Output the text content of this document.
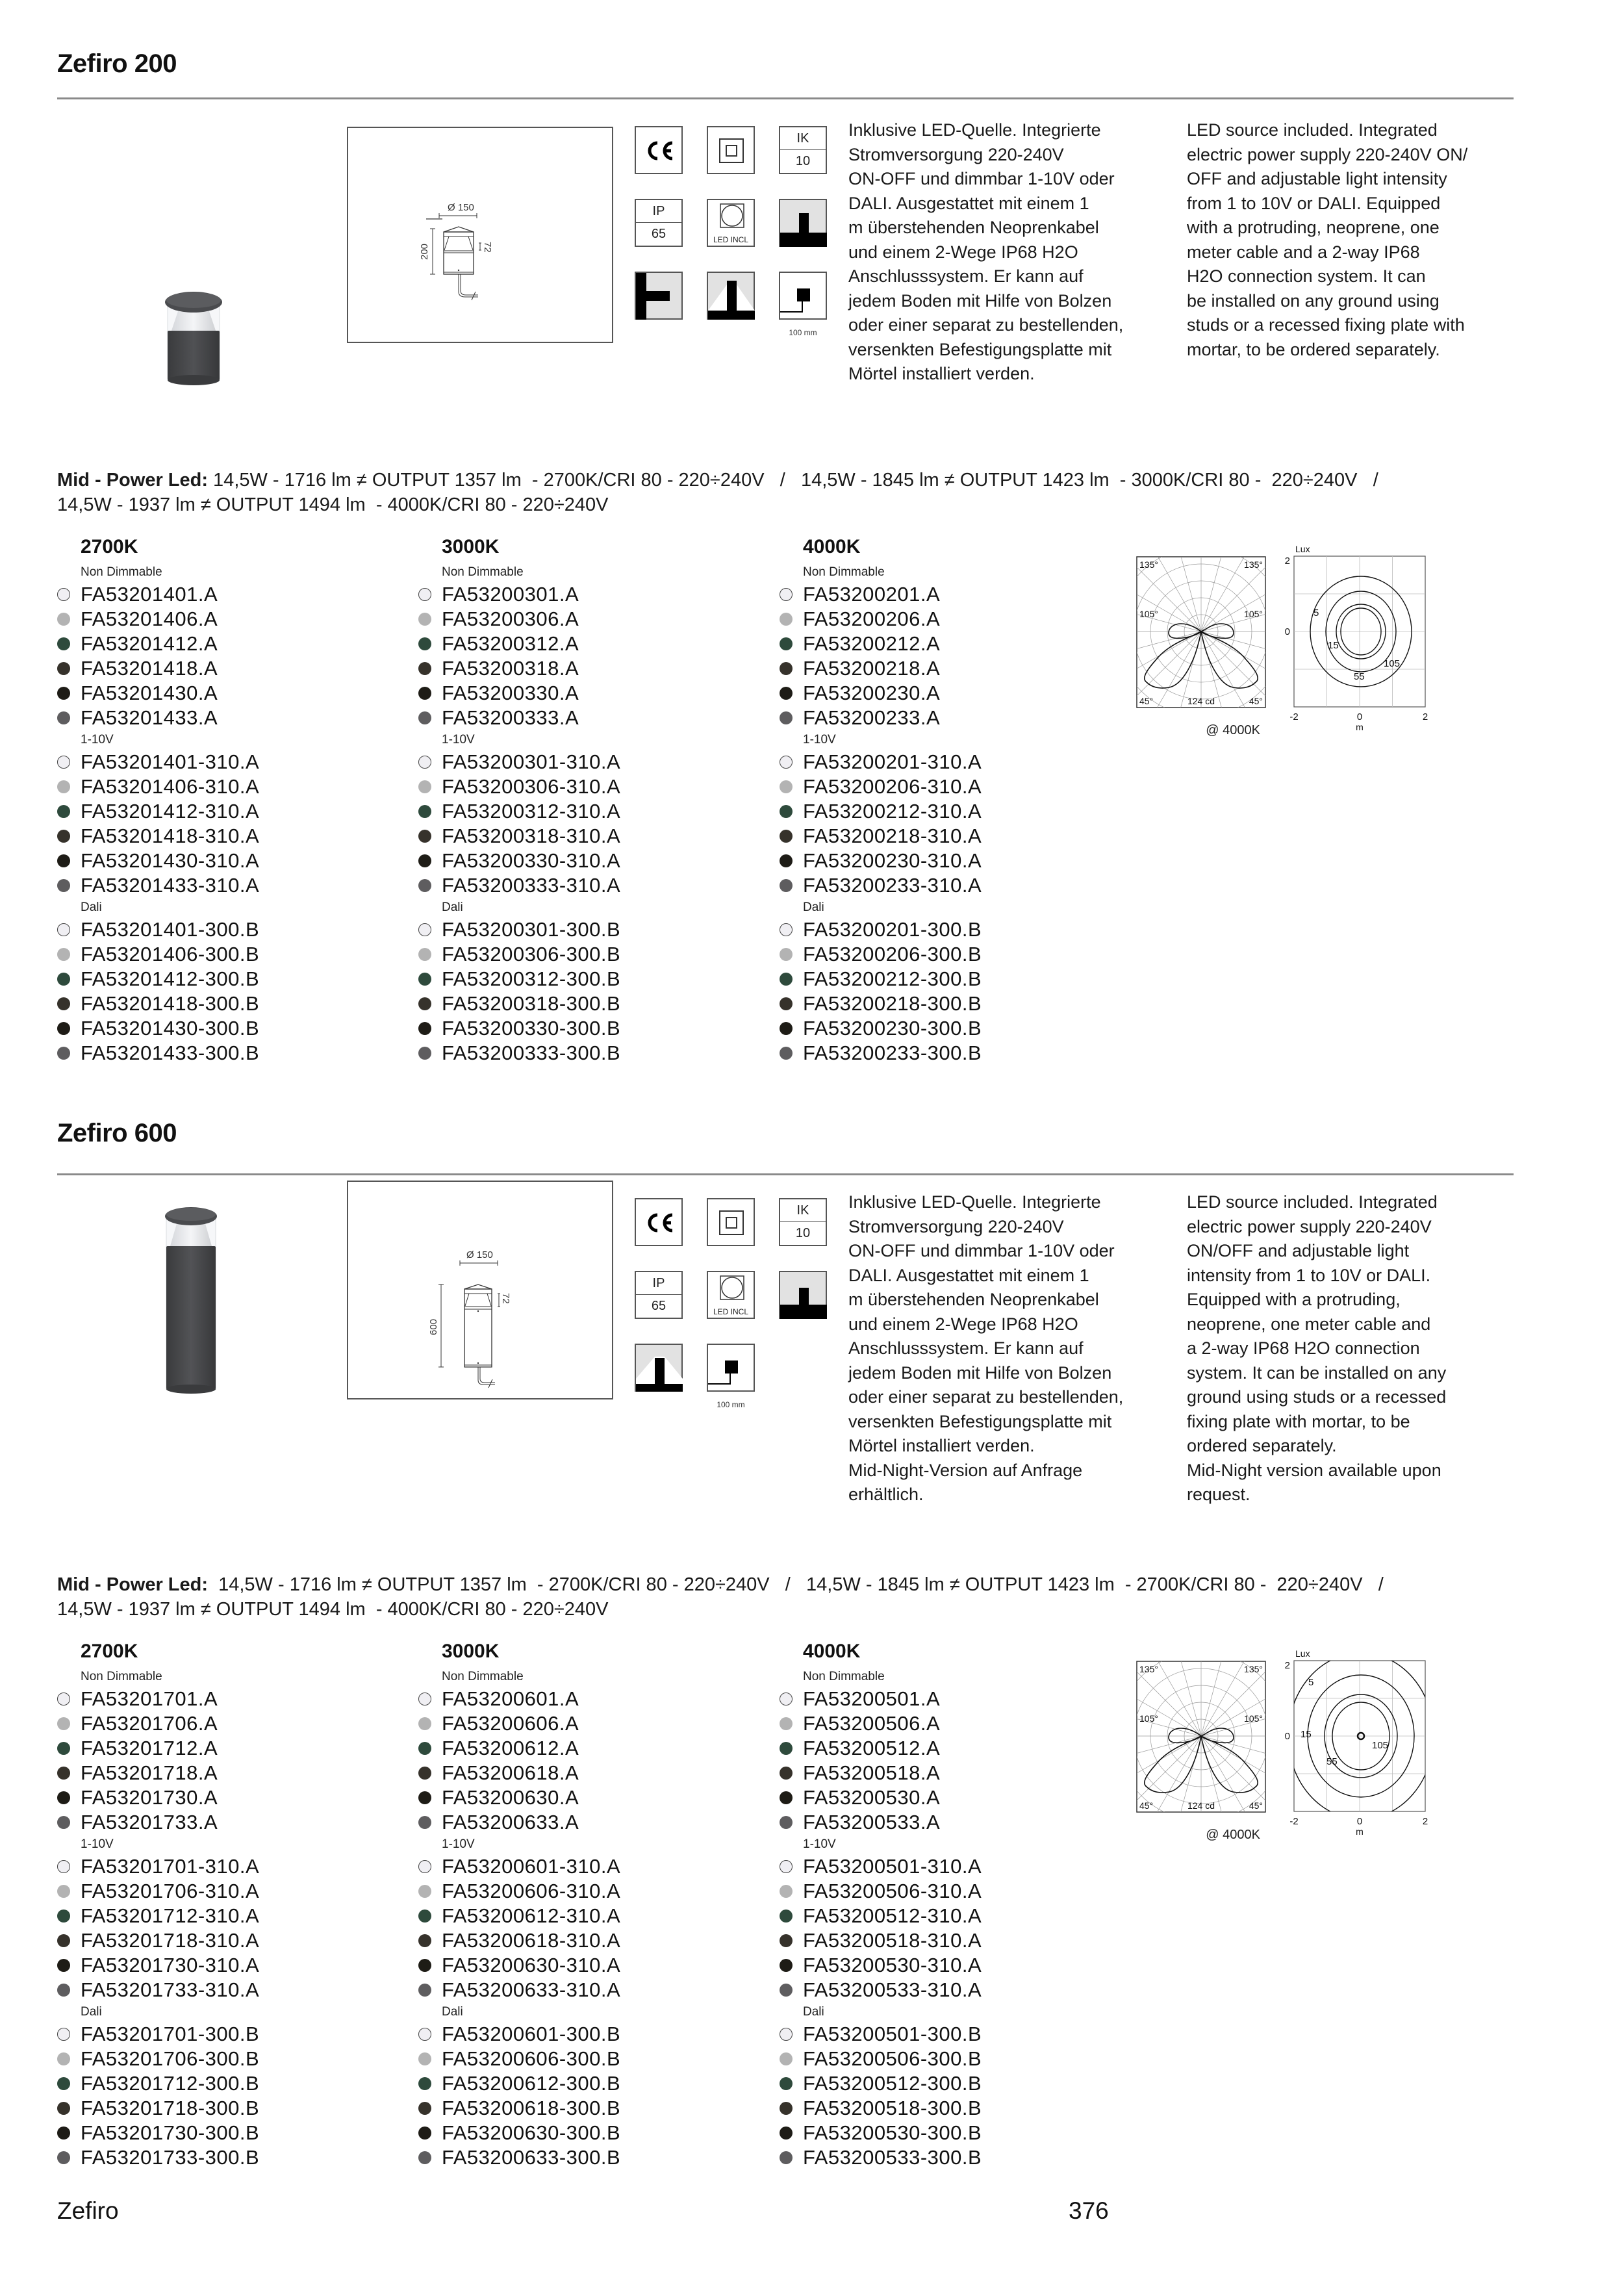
Zefiro 200
Ø 150
200	72
IK
10
IP
65	LED INCL
100 mm
Inklusive LED-Quelle. Integrierte
Stromversorgung 220-240V
ON-OFF und dimmbar 1-10V oder
DALI. Ausgestattet mit einem 1
m überstehenden Neoprenkabel
und einem 2-Wege IP68 H2O
Anschlusssystem. Er kann auf
jedem Boden mit Hilfe von Bolzen
oder einer separat zu bestellenden,
versenkten Befestigungsplatte mit
Mörtel installiert verden.
LED source included. Integrated
electric power supply 220-240V ON/
OFF and adjustable light intensity
from 1 to 10V or DALI. Equipped
with a protruding, neoprene, one
meter cable and a 2-way IP68
H2O connection system. It can
be installed on any ground using
studs or a recessed fixing plate with
mortar, to be ordered separately.
Mid - Power Led: 14,5W - 1716 lm ≠ OUTPUT 1357 lm  - 2700K/CRI 80 - 220÷240V   /   14,5W - 1845 lm ≠ OUTPUT 1423 lm  - 3000K/CRI 80 -  220÷240V   /
14,5W - 1937 lm ≠ OUTPUT 1494 lm  - 4000K/CRI 80 - 220÷240V
2700K
Non Dimmable
FA53201401.A
FA53201406.A
FA53201412.A
FA53201418.A
FA53201430.A
FA53201433.A
1-10V
FA53201401-310.A
FA53201406-310.A
FA53201412-310.A
FA53201418-310.A
FA53201430-310.A
FA53201433-310.A
Dali
FA53201401-300.B
FA53201406-300.B
FA53201412-300.B
FA53201418-300.B
FA53201430-300.B
FA53201433-300.B
3000K
Non Dimmable
FA53200301.A
FA53200306.A
FA53200312.A
FA53200318.A
FA53200330.A
FA53200333.A
1-10V
FA53200301-310.A
FA53200306-310.A
FA53200312-310.A
FA53200318-310.A
FA53200330-310.A
FA53200333-310.A
Dali
FA53200301-300.B
FA53200306-300.B
FA53200312-300.B
FA53200318-300.B
FA53200330-300.B
FA53200333-300.B
4000K
Non Dimmable
FA53200201.A
FA53200206.A
FA53200212.A
FA53200218.A
FA53200230.A
FA53200233.A
1-10V
FA53200201-310.A
FA53200206-310.A
FA53200212-310.A
FA53200218-310.A
FA53200230-310.A
FA53200233-310.A
Dali
FA53200201-300.B
FA53200206-300.B
FA53200212-300.B
FA53200218-300.B
FA53200230-300.B
FA53200233-300.B
135°	135°
105°	105°
45°	45°
124 cd
@ 4000K
5
15
55
105
Lux
2
0
-2	0	2
m
Zefiro 600
Ø 150
600
72
IK
10
IP
65	LED INCL
100 mm
Inklusive LED-Quelle. Integrierte
Stromversorgung 220-240V
ON-OFF und dimmbar 1-10V oder
DALI. Ausgestattet mit einem 1
m überstehenden Neoprenkabel
und einem 2-Wege IP68 H2O
Anschlusssystem. Er kann auf
jedem Boden mit Hilfe von Bolzen
oder einer separat zu bestellenden,
versenkten Befestigungsplatte mit
Mörtel installiert verden.
Mid-Night-Version auf Anfrage
erhältlich.
LED source included. Integrated
electric power supply 220-240V
ON/OFF and adjustable light
intensity from 1 to 10V or DALI.
Equipped with a protruding,
neoprene, one meter cable and
a 2-way IP68 H2O connection
system. It can be installed on any
ground using studs or a recessed
fixing plate with mortar, to be
ordered separately.
Mid-Night version available upon
request.
Mid - Power Led:  14,5W - 1716 lm ≠ OUTPUT 1357 lm  - 2700K/CRI 80 - 220÷240V   /   14,5W - 1845 lm ≠ OUTPUT 1423 lm  - 2700K/CRI 80 -  220÷240V   /
14,5W - 1937 lm ≠ OUTPUT 1494 lm  - 4000K/CRI 80 - 220÷240V
2700K
Non Dimmable
FA53201701.A
FA53201706.A
FA53201712.A
FA53201718.A
FA53201730.A
FA53201733.A
1-10V
FA53201701-310.A
FA53201706-310.A
FA53201712-310.A
FA53201718-310.A
FA53201730-310.A
FA53201733-310.A
Dali
FA53201701-300.B
FA53201706-300.B
FA53201712-300.B
FA53201718-300.B
FA53201730-300.B
FA53201733-300.B
3000K
Non Dimmable
FA53200601.A
FA53200606.A
FA53200612.A
FA53200618.A
FA53200630.A
FA53200633.A
1-10V
FA53200601-310.A
FA53200606-310.A
FA53200612-310.A
FA53200618-310.A
FA53200630-310.A
FA53200633-310.A
Dali
FA53200601-300.B
FA53200606-300.B
FA53200612-300.B
FA53200618-300.B
FA53200630-300.B
FA53200633-300.B
4000K
Non Dimmable
FA53200501.A
FA53200506.A
FA53200512.A
FA53200518.A
FA53200530.A
FA53200533.A
1-10V
FA53200501-310.A
FA53200506-310.A
FA53200512-310.A
FA53200518-310.A
FA53200530-310.A
FA53200533-310.A
Dali
FA53200501-300.B
FA53200506-300.B
FA53200512-300.B
FA53200518-300.B
FA53200530-300.B
FA53200533-300.B
135°	135°
105°	105°
45°	45°
124 cd
@ 4000K
5
15
55
105
Lux
2
0
-2	0	2
m
Zefiro	376
